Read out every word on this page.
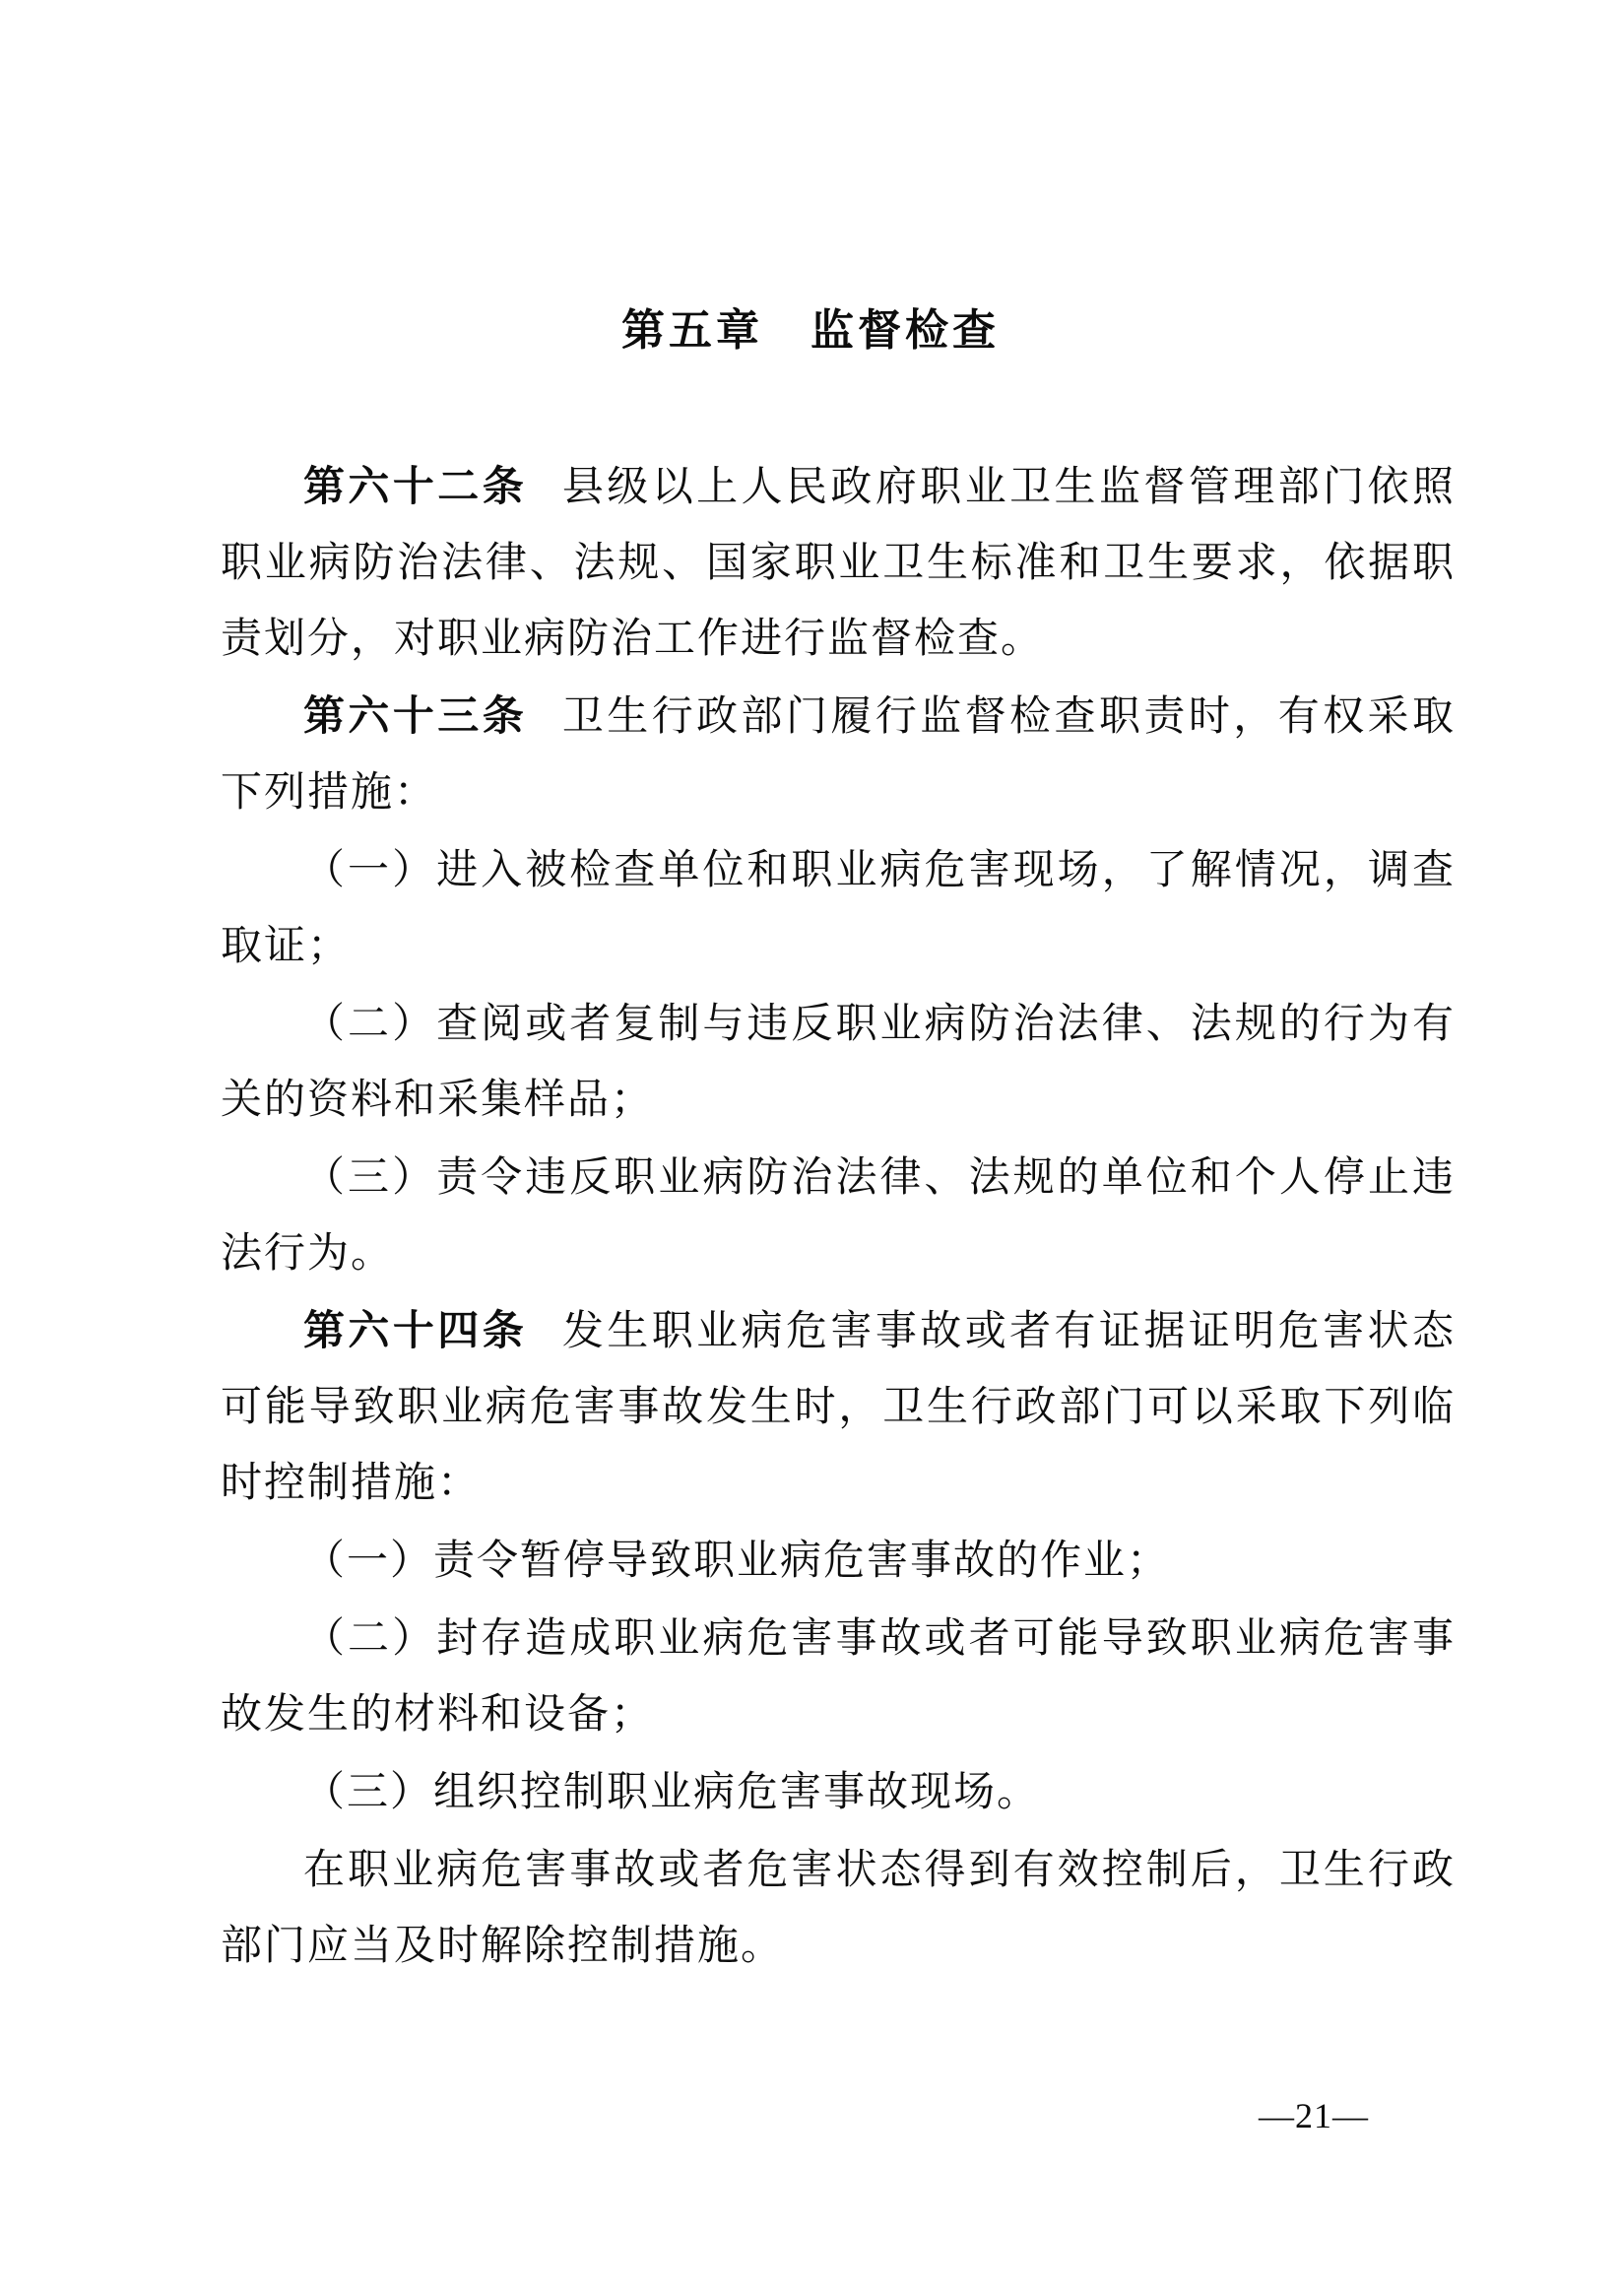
第五章　监督检查

第六十二条 县级以上人民政府职业卫生监督管理部门依照职业病防治法律、法规、国家职业卫生标准和卫生要求，依据职责划分，对职业病防治工作进行监督检查。

第六十三条 卫生行政部门履行监督检查职责时，有权采取下列措施：

（一）进入被检查单位和职业病危害现场，了解情况，调查取证；

（二）查阅或者复制与违反职业病防治法律、法规的行为有关的资料和采集样品；

（三）责令违反职业病防治法律、法规的单位和个人停止违法行为。

第六十四条 发生职业病危害事故或者有证据证明危害状态可能导致职业病危害事故发生时，卫生行政部门可以采取下列临时控制措施：

（一）责令暂停导致职业病危害事故的作业；

（二）封存造成职业病危害事故或者可能导致职业病危害事故发生的材料和设备；

（三）组织控制职业病危害事故现场。

在职业病危害事故或者危害状态得到有效控制后，卫生行政部门应当及时解除控制措施。

—21—
